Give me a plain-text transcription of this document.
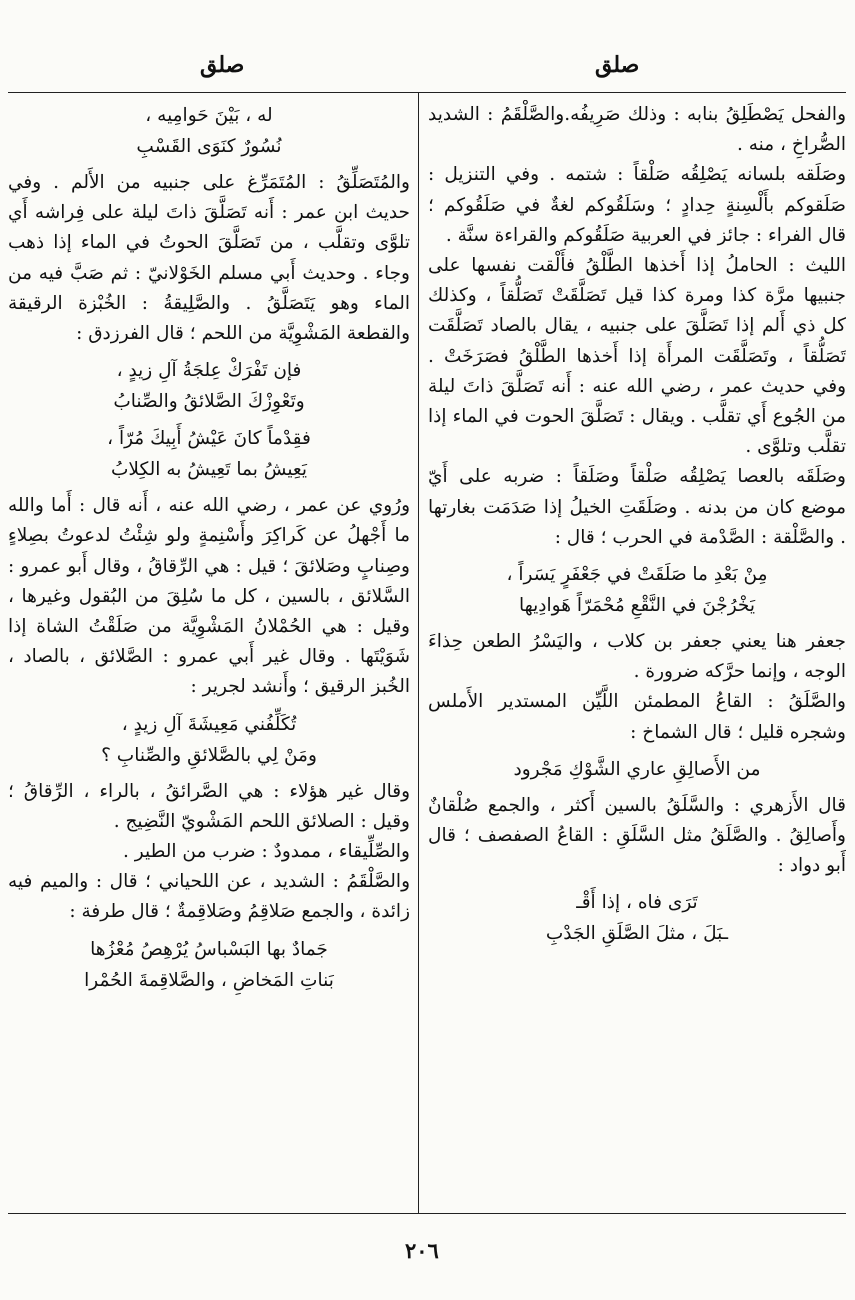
صلق
صلق

والفحل يَصْطَلِقُ بنابه : وذلك صَرِيفُه.والصَّلْقَمُ : الشديد الصُّراخِ ، منه .

وصَلَقه بلسانه يَصْلِقُه صَلْقاً : شتمه . وفي التنزيل : صَلَقوكم بأَلْسِنةٍ حِدادٍ ؛ وسَلَقُوكم لغةٌ في صَلَقُوكم ؛ قال الفراء : جائز في العربية صَلَقُوكم والقراءة سنَّة .

الليث : الحاملُ إذا أَخذها الطَّلْقُ فأَلْقت نفسها على جنبيها مرَّة كذا ومرة كذا قيل تَصَلَّقَتْ تَصَلُّقاً ، وكذلك كل ذي أَلم إذا تَصَلَّقَ على جنبيه ، يقال بالصاد تَصَلَّقَت تَصَلُّقاً ، وتَصَلَّقَت المرأَة إذا أَخذها الطَّلْقُ فصَرَخَتْ . وفي حديث عمر ، رضي الله عنه : أَنه تَصَلَّقَ ذاتَ ليلة من الجُوع أَي تقلَّب . ويقال : تَصَلَّقَ الحوت في الماء إذا تقلَّب وتلوَّى .

وصَلَقَه بالعصا يَصْلِقُه صَلْقاً وصَلَقاً : ضربه على أَيّ موضع كان من بدنه . وصَلَقَتِ الخيلُ إذا صَدَمَت بغارتها . والصَّلْقة : الصَّدْمة في الحرب ؛ قال :

مِنْ بَعْدِ ما صَلَقَتْ في جَعْفَرٍ يَسَراً ،
يَخْرُجْنَ في النَّقْعِ مُحْمَرّاً هَوادِيها

جعفر هنا يعني جعفر بن كلاب ، واليَسْرُ الطعن حِذاءَ الوجه ، وإنما حرَّكه ضرورة .

والصَّلَقُ : القاعُ المطمئن اللَّيِّن المستدير الأَملس وشجره قليل ؛ قال الشماخ :

من الأَصالِقِ عاري الشَّوْكِ مَجْرود

قال الأَزهري : والسَّلَقُ بالسين أَكثر ، والجمع صُلْقانٌ وأَصالِقُ . والصَّلَقُ مثل السَّلَقِ : القاعُ الصفصف ؛ قال أَبو دواد :

تَرَى فاه ، إذا أَقْـ
ـبَلَ ، مثلَ الصَّلَقِ الجَدْبِ
له ، بَيْنَ حَوامِيه ،
نُسُورٌ كنَوَى القَسْبِ

والمُتَصَلِّقُ : المُتَمَرِّغ على جنبيه من الأَلم . وفي حديث ابن عمر : أَنه تَصَلَّقَ ذاتَ ليلة على فِراشه أَي تلوَّى وتقلَّب ، من تَصَلَّقَ الحوتُ في الماء إذا ذهب وجاء . وحديث أَبي مسلم الخَوْلانيّ : ثم صَبَّ فيه من الماء وهو يَتَصَلَّقُ . والصَّلِيقةُ : الخُبْزة الرقيقة والقطعة المَشْوِيَّة من اللحم ؛ قال الفرزدق :

فإن تَفْرَكْ عِلجَةُ آلِ زيدٍ ،
وتَعْوِزْكَ الصَّلائقُ والصِّنابُ
فقِدْماً كانَ عَيْشُ أَبِيكَ مُرّاً ،
يَعِيشُ بما تَعِيشُ به الكِلابُ

ورُوي عن عمر ، رضي الله عنه ، أَنه قال : أَما والله ما أَجْهلُ عن كَراكِرَ وأَسْنِمةٍ ولو شِئْتُ لدعوتُ بصِلاءٍ وصِنابٍ وصَلائقَ ؛ قيل : هي الرِّقاقُ ، وقال أَبو عمرو : السَّلائق ، بالسين ، كل ما سُلِقَ من البُقول وغيرها ، وقيل : هي الحُمْلانُ المَشْوِيَّة من صَلَقْتُ الشاة إذا شَوَيْتَها . وقال غير أَبي عمرو : الصَّلائق ، بالصاد ، الخُبز الرقيق ؛ وأَنشد لجرير :

تُكَلِّفُني مَعِيشَةَ آلِ زيدٍ ،
ومَنْ لِي بالصَّلائقِ والصِّنابِ ؟

وقال غير هؤلاء : هي الصَّرائقُ ، بالراء ، الرِّقاقُ ؛ وقيل : الصلائق اللحم المَشْويّ النَّضِيج .

والصِّلِّيقاء ، ممدودٌ : ضرب من الطير .

والصَّلْقَمُ : الشديد ، عن اللحياني ؛ قال : والميم فيه زائدة ، والجمع صَلاقِمُ وصَلاقِمةٌ ؛ قال طرفة :

جَمادٌ بها البَسْباسُ يُرْهِصُ مُعْزُها
بَناتِ المَخاضِ ، والصَّلاقِمةَ الحُمْرا
٢٠٦
